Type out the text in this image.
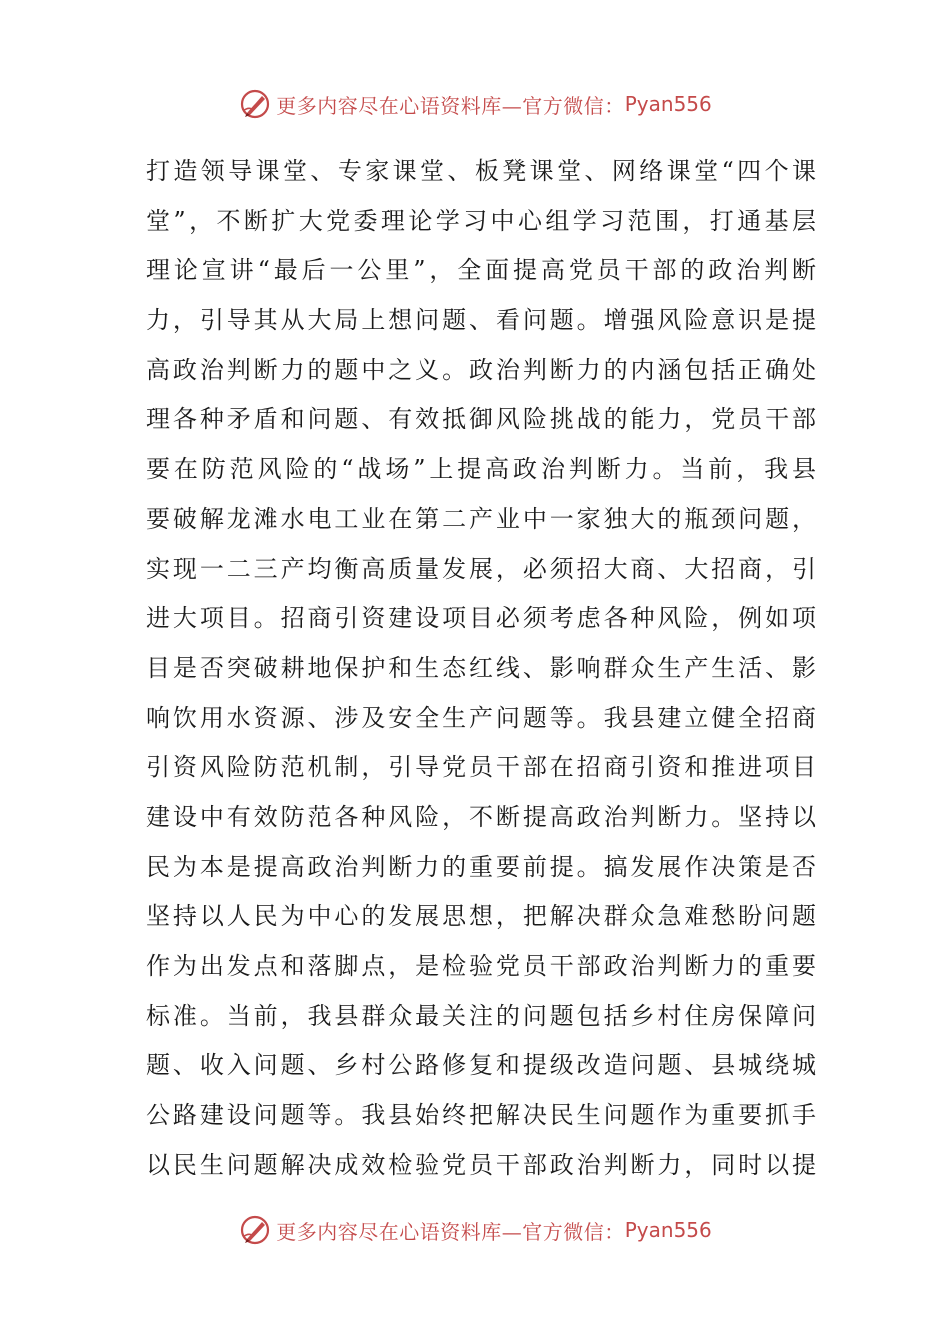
更多内容尽在心语资料库—官方微信： Pyan556
打造领导课堂、专家课堂、板凳课堂、网络课堂“四个课
堂”，不断扩大党委理论学习中心组学习范围，打通基层
理论宣讲“最后一公里”，全面提高党员干部的政治判断
力，引导其从大局上想问题、看问题。增强风险意识是提
高政治判断力的题中之义。政治判断力的内涵包括正确处
理各种矛盾和问题、有效抵御风险挑战的能力，党员干部
要在防范风险的“战场”上提高政治判断力。当前，我县
要破解龙滩水电工业在第二产业中一家独大的瓶颈问题，
实现一二三产均衡高质量发展，必须招大商、大招商，引
进大项目。招商引资建设项目必须考虑各种风险，例如项
目是否突破耕地保护和生态红线、影响群众生产生活、影
响饮用水资源、涉及安全生产问题等。我县建立健全招商
引资风险防范机制，引导党员干部在招商引资和推进项目
建设中有效防范各种风险，不断提高政治判断力。坚持以
民为本是提高政治判断力的重要前提。搞发展作决策是否
坚持以人民为中心的发展思想，把解决群众急难愁盼问题
作为出发点和落脚点，是检验党员干部政治判断力的重要
标准。当前，我县群众最关注的问题包括乡村住房保障问
题、收入问题、乡村公路修复和提级改造问题、县城绕城
公路建设问题等。我县始终把解决民生问题作为重要抓手
以民生问题解决成效检验党员干部政治判断力，同时以提
更多内容尽在心语资料库—官方微信： Pyan556
